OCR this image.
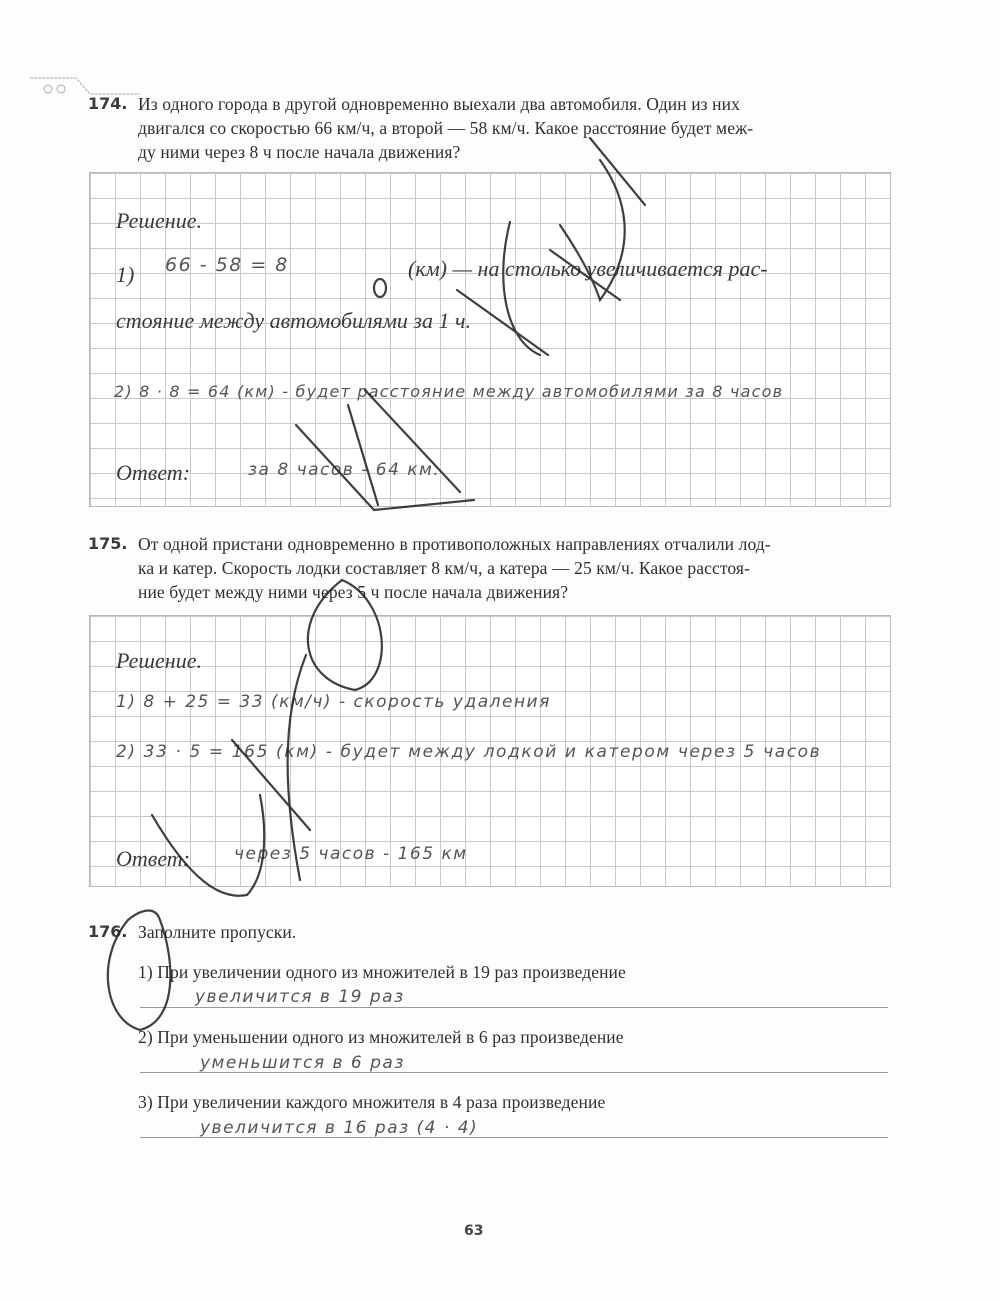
174. Из одного города в другой одновременно выехали два автомобиля. Один из них
двигался со скоростью 66 км/ч, а второй — 58 км/ч. Какое расстояние будет меж-
ду ними через 8 ч после начала движения?
Решение.
1) 66 - 58 = 8	(км) — на столько увеличивается рас-
стояние между автомобилями за 1 ч.
2) 8 · 8 = 64 (км) - будет расстояние между автомобилями за 8 часов
Ответ:	за 8 часов - 64 км.
175. От одной пристани одновременно в противоположных направлениях отчалили лод-
ка и катер. Скорость лодки составляет 8 км/ч, а катера — 25 км/ч. Какое расстоя-
ние будет между ними через 5 ч после начала движения?
Решение.
1) 8 + 25 = 33 (км/ч) - скорость удаления
2) 33 · 5 = 165 (км) - будет между лодкой и катером через 5 часов
Ответ:	через 5 часов - 165 км
176. Заполните пропуски.
1) При увеличении одного из множителей в 19 раз произведение
увеличится в 19 раз
2) При уменьшении одного из множителей в 6 раз произведение
уменьшится в 6 раз
3) При увеличении каждого множителя в 4 раза произведение
увеличится в 16 раз (4 · 4)
63
